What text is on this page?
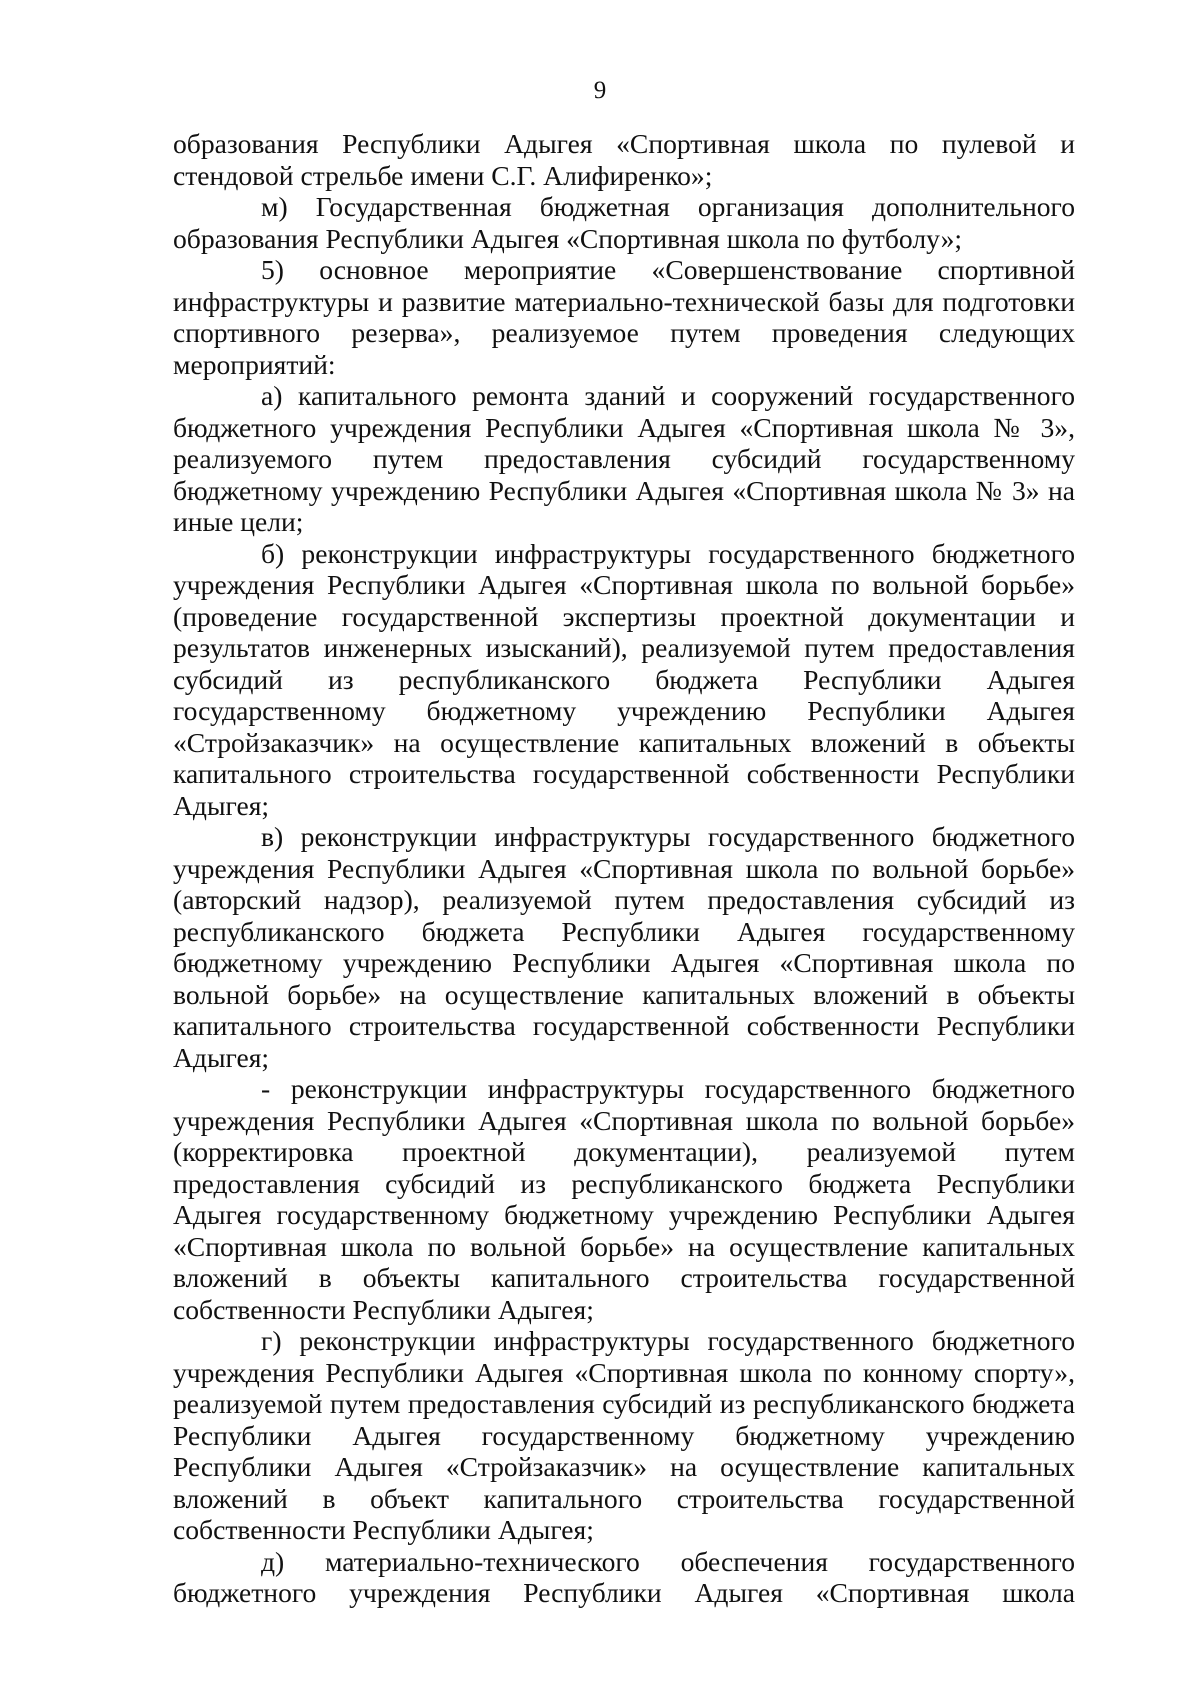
9

образования Республики Адыгея «Спортивная школа по пулевой и стендовой стрельбе имени С.Г. Алифиренко»;

м) Государственная бюджетная организация дополнительного образования Республики Адыгея «Спортивная школа по футболу»;

5) основное мероприятие «Совершенствование спортивной инфраструктуры и развитие материально-технической базы для подготовки спортивного резерва», реализуемое путем проведения следующих мероприятий:

а) капитального ремонта зданий и сооружений государственного бюджетного учреждения Республики Адыгея «Спортивная школа № 3», реализуемого путем предоставления субсидий государственному бюджетному учреждению Республики Адыгея «Спортивная школа № 3» на иные цели;

б) реконструкции инфраструктуры государственного бюджетного учреждения Республики Адыгея «Спортивная школа по вольной борьбе» (проведение государственной экспертизы проектной документации и результатов инженерных изысканий), реализуемой путем предоставления субсидий из республиканского бюджета Республики Адыгея государственному бюджетному учреждению Республики Адыгея «Стройзаказчик» на осуществление капитальных вложений в объекты капитального строительства государственной собственности Республики Адыгея;

в) реконструкции инфраструктуры государственного бюджетного учреждения Республики Адыгея «Спортивная школа по вольной борьбе» (авторский надзор), реализуемой путем предоставления субсидий из республиканского бюджета Республики Адыгея государственному бюджетному учреждению Республики Адыгея «Спортивная школа по вольной борьбе» на осуществление капитальных вложений в объекты капитального строительства государственной собственности Республики Адыгея;

- реконструкции инфраструктуры государственного бюджетного учреждения Республики Адыгея «Спортивная школа по вольной борьбе» (корректировка проектной документации), реализуемой путем предоставления субсидий из республиканского бюджета Республики Адыгея государственному бюджетному учреждению Республики Адыгея «Спортивная школа по вольной борьбе» на осуществление капитальных вложений в объекты капитального строительства государственной собственности Республики Адыгея;

г) реконструкции инфраструктуры государственного бюджетного учреждения Республики Адыгея «Спортивная школа по конному спорту», реализуемой путем предоставления субсидий из республиканского бюджета Республики Адыгея государственному бюджетному учреждению Республики Адыгея «Стройзаказчик» на осуществление капитальных вложений в объект капитального строительства государственной собственности Республики Адыгея;

д) материально-технического обеспечения государственного бюджетного учреждения Республики Адыгея «Спортивная школа
